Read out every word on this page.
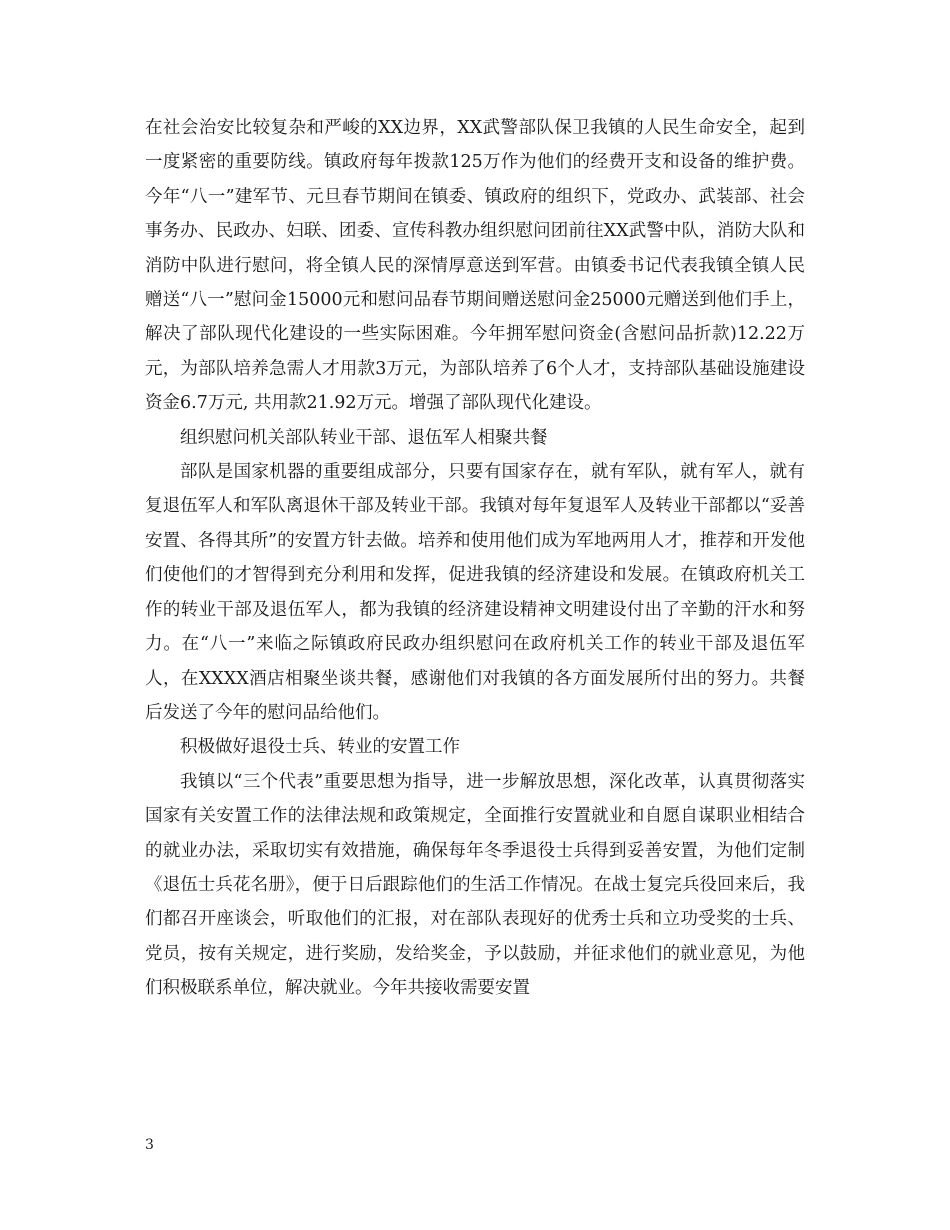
在社会治安比较复杂和严峻的XX边界，XX武警部队保卫我镇的人民生命安全，起到一度紧密的重要防线。镇政府每年拨款125万作为他们的经费开支和设备的维护费。今年“八一”建军节、元旦春节期间在镇委、镇政府的组织下，党政办、武装部、社会事务办、民政办、妇联、团委、宣传科教办组织慰问团前往XX武警中队，消防大队和消防中队进行慰问，将全镇人民的深情厚意送到军营。由镇委书记代表我镇全镇人民赠送“八一”慰问金15000元和慰问品春节期间赠送慰问金25000元赠送到他们手上，解决了部队现代化建设的一些实际困难。今年拥军慰问资金(含慰问品折款)12.22万元，为部队培养急需人才用款3万元，为部队培养了6个人才，支持部队基础设施建设资金6.7万元, 共用款21.92万元。增强了部队现代化建设。

组织慰问机关部队转业干部、退伍军人相聚共餐

部队是国家机器的重要组成部分，只要有国家存在，就有军队，就有军人，就有复退伍军人和军队离退休干部及转业干部。我镇对每年复退军人及转业干部都以“妥善安置、各得其所”的安置方针去做。培养和使用他们成为军地两用人才，推荐和开发他们使他们的才智得到充分利用和发挥，促进我镇的经济建设和发展。在镇政府机关工作的转业干部及退伍军人，都为我镇的经济建设精神文明建设付出了辛勤的汗水和努力。在“八一”来临之际镇政府民政办组织慰问在政府机关工作的转业干部及退伍军人，在XXXX酒店相聚坐谈共餐，感谢他们对我镇的各方面发展所付出的努力。共餐后发送了今年的慰问品给他们。

积极做好退役士兵、转业的安置工作

我镇以“三个代表”重要思想为指导，进一步解放思想，深化改革，认真贯彻落实国家有关安置工作的法律法规和政策规定，全面推行安置就业和自愿自谋职业相结合的就业办法，采取切实有效措施，确保每年冬季退役士兵得到妥善安置，为他们定制《退伍士兵花名册》，便于日后跟踪他们的生活工作情况。在战士复完兵役回来后，我们都召开座谈会，听取他们的汇报，对在部队表现好的优秀士兵和立功受奖的士兵、党员，按有关规定，进行奖励，发给奖金，予以鼓励，并征求他们的就业意见，为他们积极联系单位，解决就业。今年共接收需要安置

3
